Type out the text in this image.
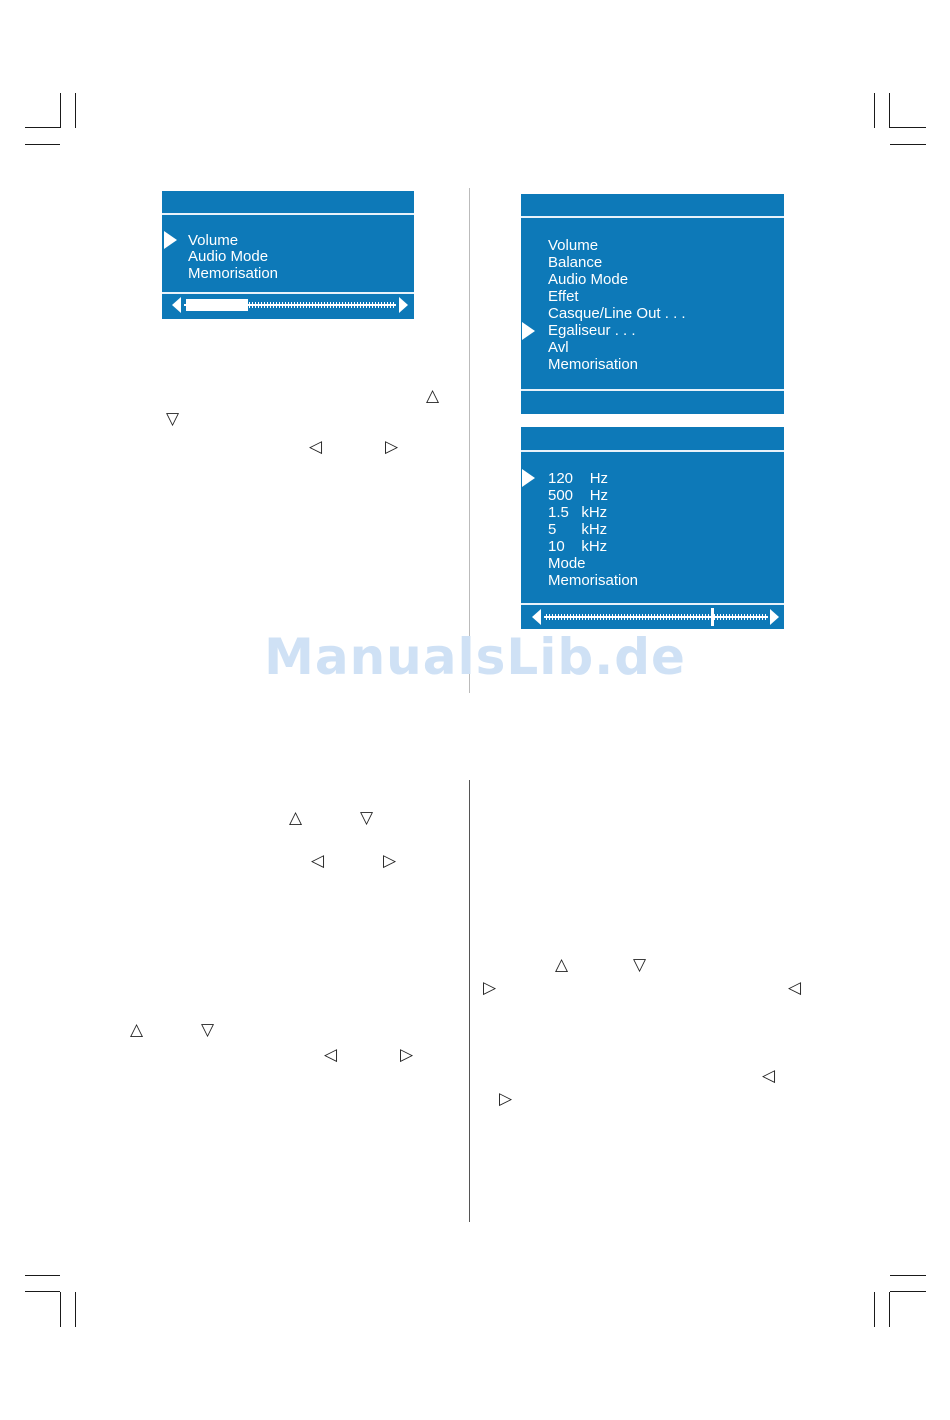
Volume
Audio Mode
Memorisation
Volume
Balance
Audio Mode
Effet
Casque/Line Out . . .
Egaliseur . . .
Avl
Memorisation
120    Hz
500    Hz
1.5   kHz
5      kHz
10    kHz
Mode
Memorisation
△
▽
◁	▷
△	▽
◁	▷
△	▽
◁	▷
△	▽
▷	◁
◁
▷
ManualsLib.de
